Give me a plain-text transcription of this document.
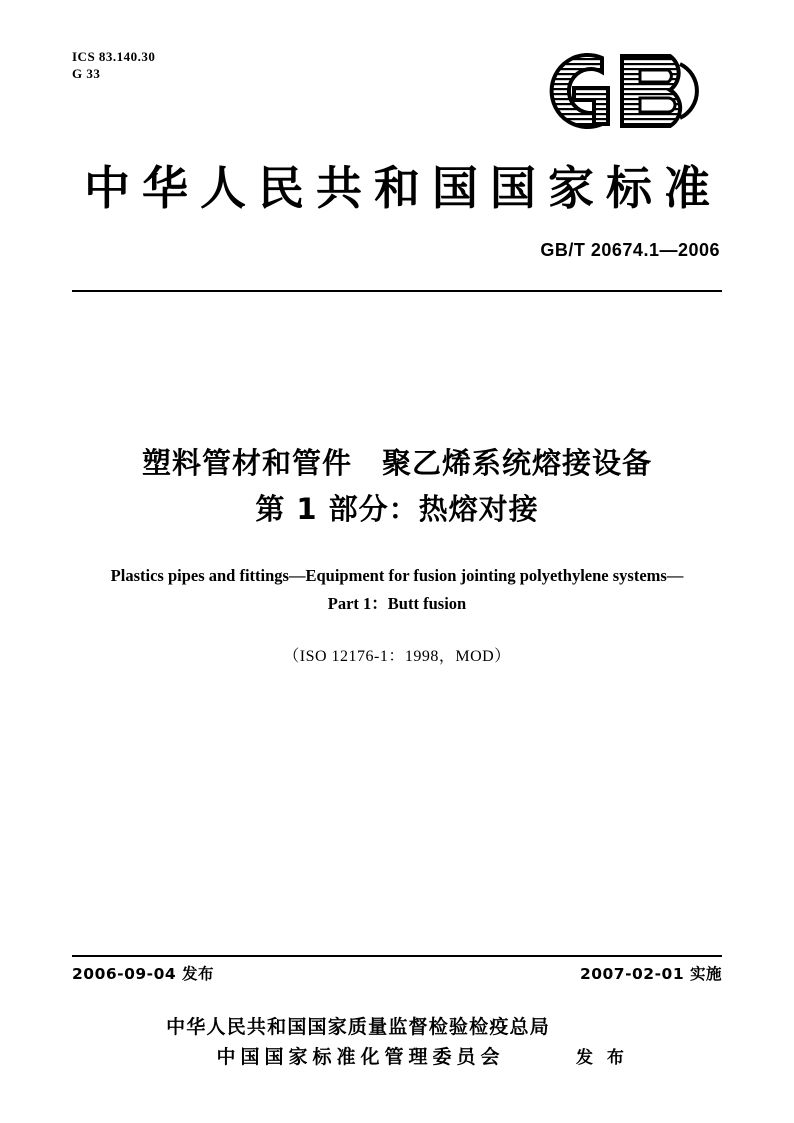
ICS 83.140.30
G 33
中华人民共和国国家标准
GB/T 20674.1—2006
塑料管材和管件　聚乙烯系统熔接设备
第 1 部分：热熔对接
Plastics pipes and fittings—Equipment for fusion jointing polyethylene systems—
Part 1：Butt fusion
（ISO 12176-1：1998，MOD）
2006-09-04 发布	2007-02-01 实施
中华人民共和国国家质量监督检验检疫总局
中国国家标准化管理委员会	发 布
